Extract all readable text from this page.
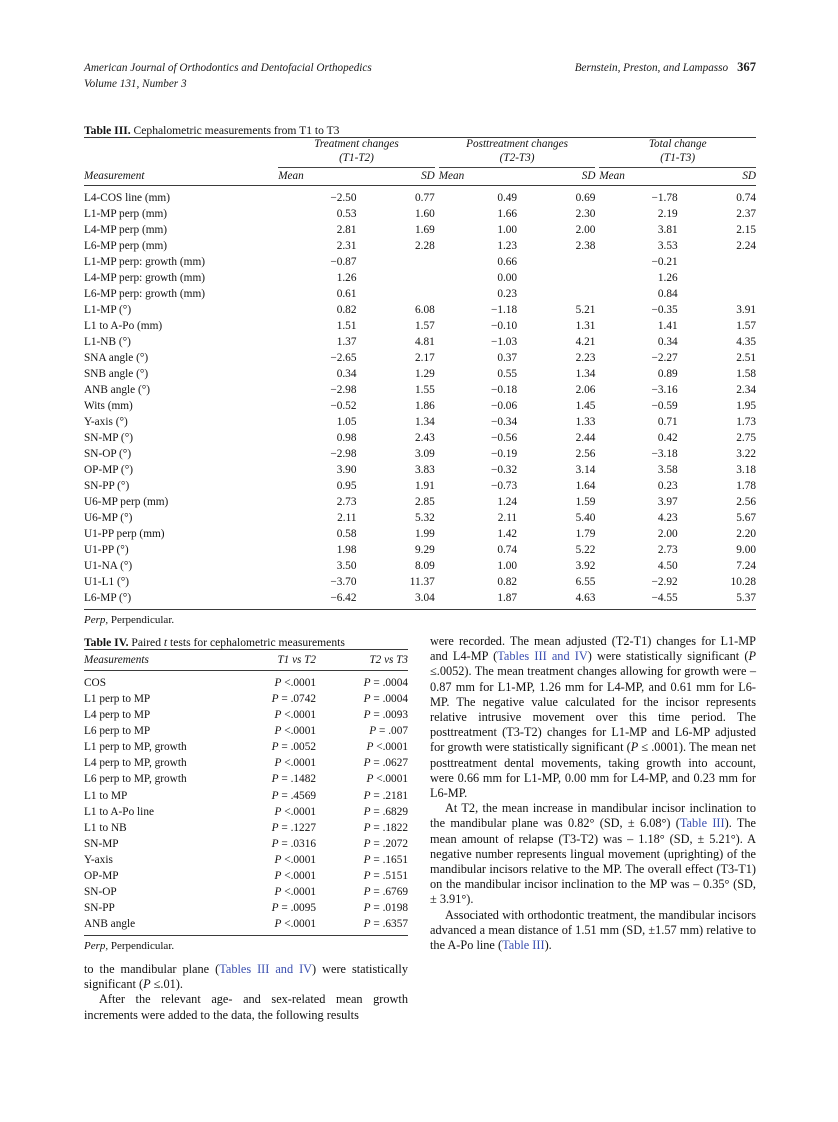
American Journal of Orthodontics and Dentofacial Orthopedics	Bernstein, Preston, and Lampasso 367
Volume 131, Number 3
Table III. Cephalometric measurements from T1 to T3
	Treatment changes
(T1-T2)			Posttreatment changes
(T2-T3)			Total change
(T1-T3)	

Measurement	Mean	SD		Mean	SD		Mean	SD
L4-COS line (mm)	−2.50	0.77		0.49	0.69		−1.78	0.74
L1-MP perp (mm)	0.53	1.60		1.66	2.30		2.19	2.37
L4-MP perp (mm)	2.81	1.69		1.00	2.00		3.81	2.15
L6-MP perp (mm)	2.31	2.28		1.23	2.38		3.53	2.24
L1-MP perp: growth (mm)	−0.87			0.66			−0.21	
L4-MP perp: growth (mm)	1.26			0.00			1.26	
L6-MP perp: growth (mm)	0.61			0.23			0.84	
L1-MP (°)	0.82	6.08		−1.18	5.21		−0.35	3.91
L1 to A-Po (mm)	1.51	1.57		−0.10	1.31		1.41	1.57
L1-NB (°)	1.37	4.81		−1.03	4.21		0.34	4.35
SNA angle (°)	−2.65	2.17		0.37	2.23		−2.27	2.51
SNB angle (°)	0.34	1.29		0.55	1.34		0.89	1.58
ANB angle (°)	−2.98	1.55		−0.18	2.06		−3.16	2.34
Wits (mm)	−0.52	1.86		−0.06	1.45		−0.59	1.95
Y-axis (°)	1.05	1.34		−0.34	1.33		0.71	1.73
SN-MP (°)	0.98	2.43		−0.56	2.44		0.42	2.75
SN-OP (°)	−2.98	3.09		−0.19	2.56		−3.18	3.22
OP-MP (°)	3.90	3.83		−0.32	3.14		3.58	3.18
SN-PP (°)	0.95	1.91		−0.73	1.64		0.23	1.78
U6-MP perp (mm)	2.73	2.85		1.24	1.59		3.97	2.56
U6-MP (°)	2.11	5.32		2.11	5.40		4.23	5.67
U1-PP perp (mm)	0.58	1.99		1.42	1.79		2.00	2.20
U1-PP (°)	1.98	9.29		0.74	5.22		2.73	9.00
U1-NA (°)	3.50	8.09		1.00	3.92		4.50	7.24
U1-L1 (°)	−3.70	11.37		0.82	6.55		−2.92	10.28
L6-MP (°)	−6.42	3.04		1.87	4.63		−4.55	5.37

Perp, Perpendicular.
Table IV. Paired t tests for cephalometric measurements
Measurements	T1 vs T2	T2 vs T3
COS	P <.0001	P = .0004
L1 perp to MP	P = .0742	P = .0004
L4 perp to MP	P <.0001	P = .0093
L6 perp to MP	P <.0001	P = .007
L1 perp to MP, growth	P = .0052	P <.0001
L4 perp to MP, growth	P <.0001	P = .0627
L6 perp to MP, growth	P = .1482	P <.0001
L1 to MP	P = .4569	P = .2181
L1 to A-Po line	P <.0001	P = .6829
L1 to NB	P = .1227	P = .1822
SN-MP	P = .0316	P = .2072
Y-axis	P <.0001	P = .1651
OP-MP	P <.0001	P = .5151
SN-OP	P <.0001	P = .6769
SN-PP	P = .0095	P = .0198
ANB angle	P <.0001	P = .6357

Perp, Perpendicular.

were recorded. The mean adjusted (T2-T1) changes for L1-MP and L4-MP (Tables III and IV) were statistically significant (P ≤.0052). The mean treatment changes allowing for growth were – 0.87 mm for L1-MP, 1.26 mm for L4-MP, and 0.61 mm for L6-MP. The negative value calculated for the incisor represents relative intrusive movement over this time period. The posttreatment (T3-T2) changes for L1-MP and L6-MP adjusted for growth were statistically significant (P ≤ .0001). The mean net posttreatment dental movements, taking growth into account, were 0.66 mm for L1-MP, 0.00 mm for L4-MP, and 0.23 mm for L6-MP.

At T2, the mean increase in mandibular incisor inclination to the mandibular plane was 0.82° (SD, ± 6.08°) (Table III). The mean amount of relapse (T3-T2) was – 1.18° (SD, ± 5.21°). A negative number represents lingual movement (uprighting) of the mandibular incisors relative to the MP. The overall effect (T3-T1) on the mandibular incisor inclination to the MP was – 0.35° (SD, ± 3.91°).

Associated with orthodontic treatment, the mandibular incisors advanced a mean distance of 1.51 mm (SD, ±1.57 mm) relative to the A-Po line (Table III).

to the mandibular plane (Tables III and IV) were statistically significant (P ≤.01).

After the relevant age- and sex-related mean growth increments were added to the data, the following results
